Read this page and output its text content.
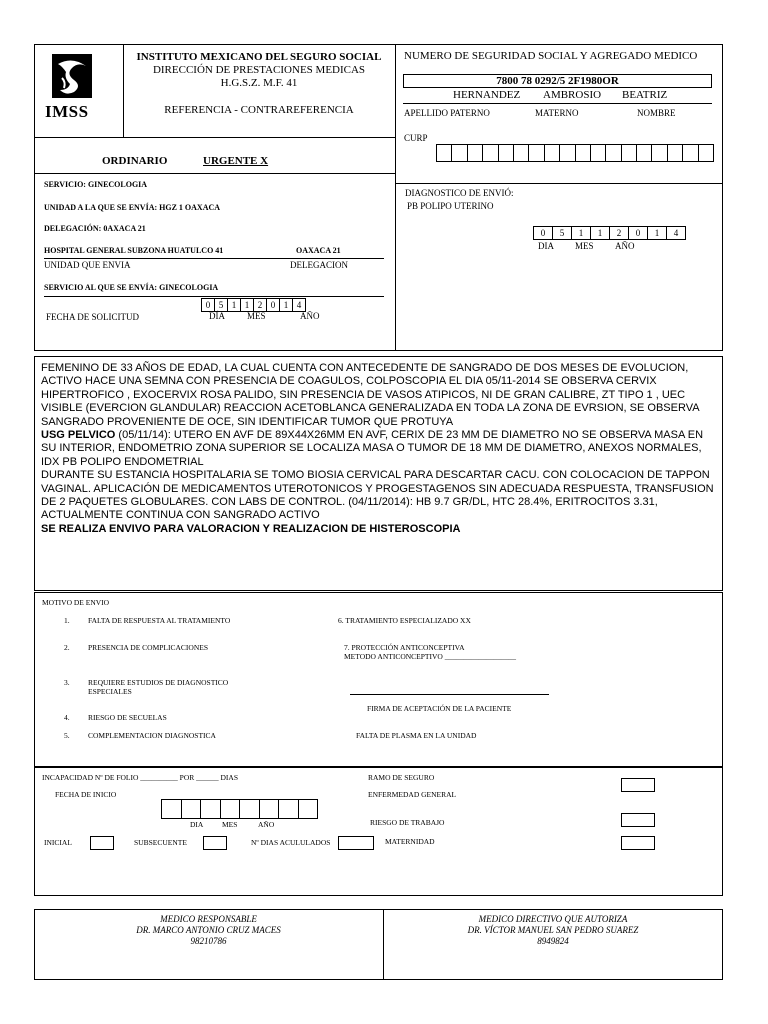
IMSS
INSTITUTO MEXICANO DEL SEGURO SOCIAL
DIRECCIÓN DE PRESTACIONES MEDICAS
H.G.S.Z. M.F. 41
REFERENCIA - CONTRAREFERENCIA
ORDINARIO	URGENTE X
NUMERO DE SEGURIDAD SOCIAL Y AGREGADO MEDICO
7800 78 0292/5 2F1980OR
HERNANDEZ AMBROSIO BEATRIZ
APELLIDO PATERNO	MATERNO	NOMBRE
CURP
SERVICIO: GINECOLOGIA
UNIDAD A LA QUE SE ENVÍA: HGZ 1 OAXACA
DELEGACIÓN: 0AXACA 21
HOSPITAL GENERAL SUBZONA HUATULCO 41	OAXACA 21
UNIDAD QUE ENVIA	DELEGACION
SERVICIO AL QUE SE ENVÍA: GINECOLOGIA
0 5 1 1 2 0 1 4
FECHA DE SOLICITUD	DÍA MES	AÑO
DIAGNOSTICO DE ENVIÓ:
PB POLIPO UTERINO
0	5	1	1	2	0	1	4
DIA MES AÑO

FEMENINO DE 33 AÑOS DE EDAD, LA CUAL CUENTA CON ANTECEDENTE DE SANGRADO DE DOS MESES DE EVOLUCION, ACTIVO HACE UNA SEMNA CON PRESENCIA DE COAGULOS, COLPOSCOPIA EL DIA 05/11-2014 SE OBSERVA CERVIX HIPERTROFICO , EXOCERVIX ROSA PALIDO, SIN PRESENCIA DE VASOS ATIPICOS, NI DE GRAN CALIBRE, ZT TIPO 1 , UEC VISIBLE (EVERCION GLANDULAR) REACCION ACETOBLANCA GENERALIZADA EN TODA LA ZONA DE EVRSION, SE OBSERVA SANGRADO PROVENIENTE DE OCE, SIN IDENTIFICAR TUMOR QUE PROTUYA

USG PELVICO (05/11/14): UTERO EN AVF DE 89X44X26MM EN AVF, CERIX DE 23 MM DE DIAMETRO NO SE OBSERVA MASA EN SU INTERIOR, ENDOMETRIO ZONA SUPERIOR SE LOCALIZA MASA O TUMOR DE 18 MM DE DIAMETRO, ANEXOS NORMALES, IDX PB POLIPO ENDOMETRIAL

DURANTE SU ESTANCIA HOSPITALARIA SE TOMO BIOSIA CERVICAL PARA DESCARTAR CACU. CON COLOCACION DE TAPPON VAGINAL. APLICACIÓN DE MEDICAMENTOS UTEROTONICOS Y PROGESTAGENOS SIN ADECUADA RESPUESTA, TRANSFUSION DE 2 PAQUETES GLOBULARES. CON LABS DE CONTROL. (04/11/2014): HB 9.7 GR/DL, HTC 28.4%, ERITROCITOS 3.31,

ACTUALMENTE CONTINUA CON SANGRADO ACTIVO

SE REALIZA ENVIVO PARA VALORACION Y REALIZACION DE HISTEROSCOPIA

MOTIVO DE ENVIO
1. FALTA DE RESPUESTA AL TRATAMIENTO
2. PRESENCIA DE COMPLICACIONES
3. REQUIERE ESTUDIOS DE DIAGNOSTICO
ESPECIALES
4. RIESGO DE SECUELAS
5. COMPLEMENTACION DIAGNOSTICA
6. TRATAMIENTO ESPECIALIZADO XX
7. PROTECCIÓN ANTICONCEPTIVA
METODO ANTICONCEPTIVO ___________________
FIRMA DE ACEPTACIÓN DE LA PACIENTE
FALTA DE PLASMA EN LA UNIDAD
INCAPACIDAD Nº DE FOLIO __________ POR ______ DIAS
FECHA DE INICIO
DIA MES	AÑO
INICIAL	SUBSECUENTE	Nº DIAS ACULULADOS
RAMO DE SEGURO
ENFERMEDAD GENERAL
RIESGO DE TRABAJO
MATERNIDAD
MEDICO RESPONSABLE
DR. MARCO ANTONIO CRUZ MACES
98210786
MEDICO DIRECTIVO QUE AUTORIZA
DR. VÍCTOR MANUEL SAN PEDRO SUAREZ
8949824
